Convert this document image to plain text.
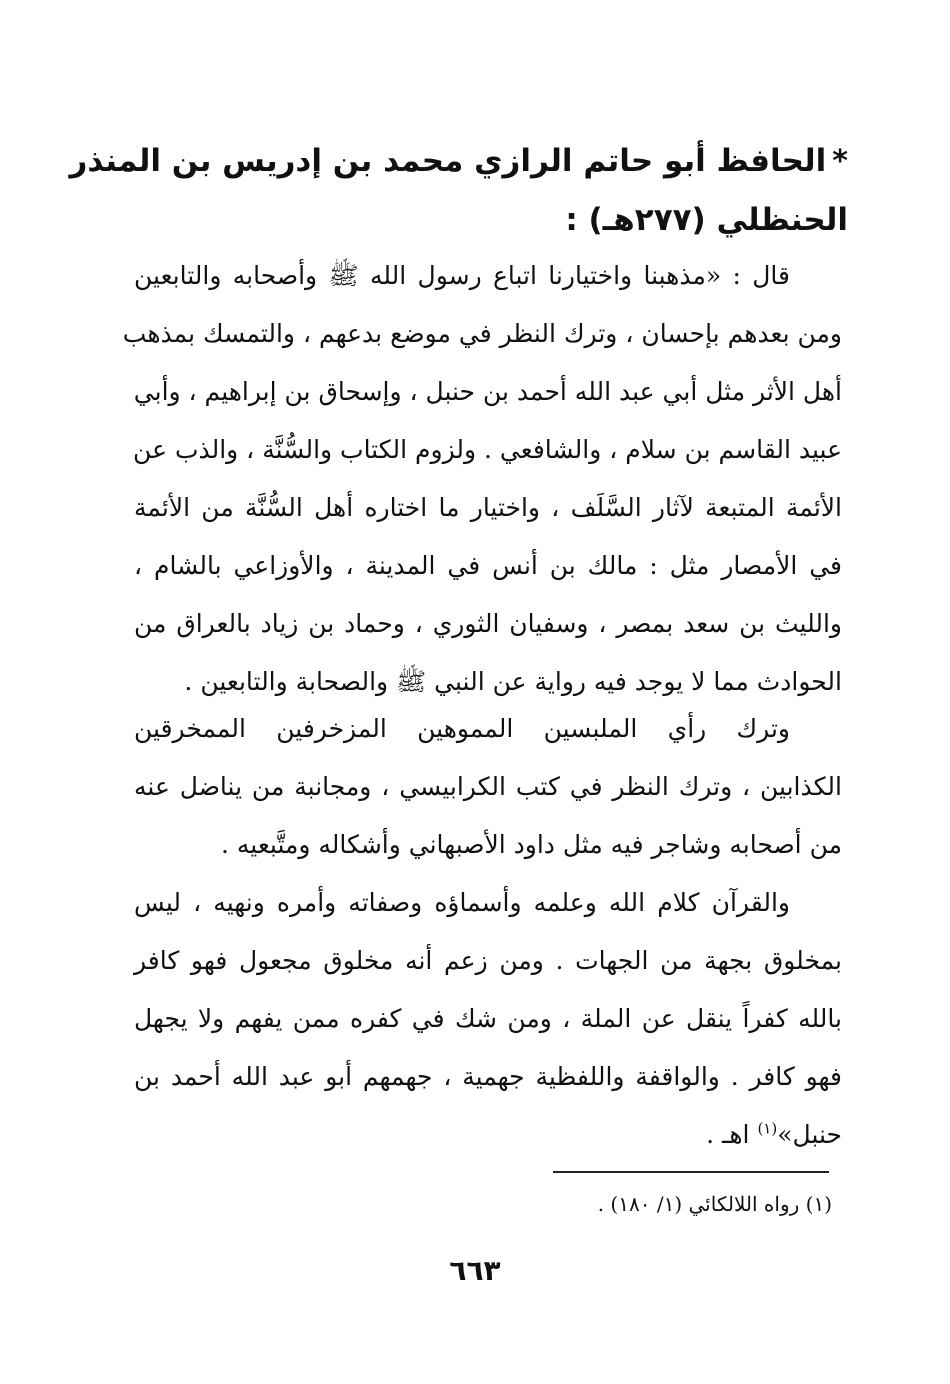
*الحافظ أبو حاتم الرازي محمد بن إدريس بن المنذر
الحنظلي (٢٧٧هـ) :
قال : «مذهبنا واختيارنا اتباع رسول الله ﷺ وأصحابه والتابعين
ومن بعدهم بإحسان ، وترك النظر في موضع بدعهم ، والتمسك بمذهب
أهل الأثر مثل أبي عبد الله أحمد بن حنبل ، وإسحاق بن إبراهيم ، وأبي
عبيد القاسم بن سلام ، والشافعي . ولزوم الكتاب والسُّنَّة ، والذب عن
الأئمة المتبعة لآثار السَّلَف ، واختيار ما اختاره أهل السُّنَّة من الأئمة
في الأمصار مثل : مالك بن أنس في المدينة ، والأوزاعي بالشام ،
والليث بن سعد بمصر ، وسفيان الثوري ، وحماد بن زياد بالعراق من
الحوادث مما لا يوجد فيه رواية عن النبي ﷺ والصحابة والتابعين .
وترك رأي الملبسين المموهين المزخرفين الممخرقين
الكذابين ، وترك النظر في كتب الكرابيسي ، ومجانبة من يناضل عنه
من أصحابه وشاجر فيه مثل داود الأصبهاني وأشكاله ومتَّبعيه .
والقرآن كلام الله وعلمه وأسماؤه وصفاته وأمره ونهيه ، ليس
بمخلوق بجهة من الجهات . ومن زعم أنه مخلوق مجعول فهو كافر
بالله كفراً ينقل عن الملة ، ومن شك في كفره ممن يفهم ولا يجهل
فهو كافر . والواقفة واللفظية جهمية ، جهمهم أبو عبد الله أحمد بن
حنبل»$^{(١)}$ اهـ .
(١) رواه اللالكائي (١/ ١٨٠) .
٦٦٣
